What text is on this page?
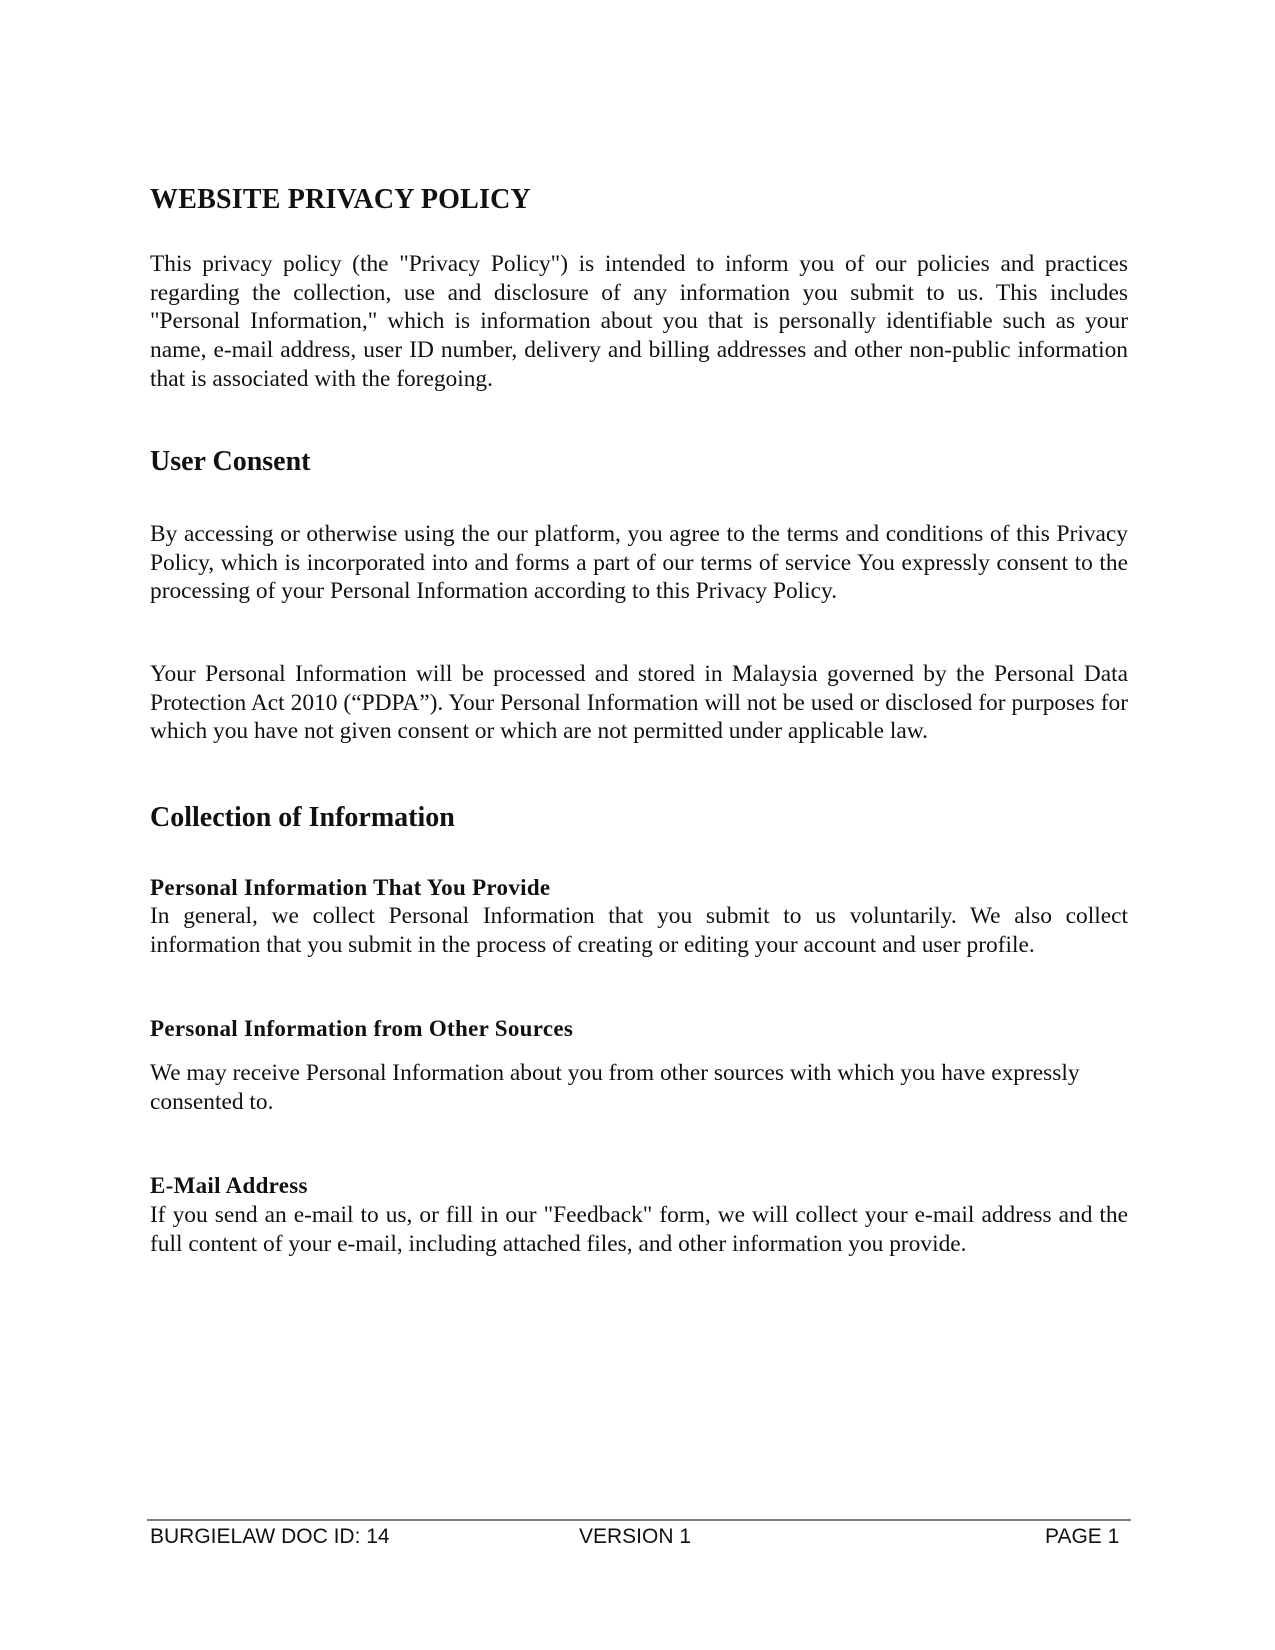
WEBSITE PRIVACY POLICY

This privacy policy (the "Privacy Policy") is intended to inform you of our policies and practices regarding the collection, use and disclosure of any information you submit to us. This includes "Personal Information," which is information about you that is personally identifiable such as your name, e-mail address, user ID number, delivery and billing addresses and other non-public information that is associated with the foregoing.

User Consent

By accessing or otherwise using the our platform, you agree to the terms and conditions of this Privacy Policy, which is incorporated into and forms a part of our terms of service You expressly consent to the processing of your Personal Information according to this Privacy Policy.

Your Personal Information will be processed and stored in Malaysia governed by the Personal Data Protection Act 2010 (“PDPA”). Your Personal Information will not be used or disclosed for purposes for which you have not given consent or which are not permitted under applicable law.

Collection of Information
Personal Information That You Provide

In general, we collect Personal Information that you submit to us voluntarily. We also collect information that you submit in the process of creating or editing your account and user profile.

Personal Information from Other Sources

We may receive Personal Information about you from other sources with which you have expressly consented to.

E-Mail Address

If you send an e-mail to us, or fill in our "Feedback" form, we will collect your e-mail address and the full content of your e-mail, including attached files, and other information you provide.

BURGIELAW DOC ID: 14	VERSION 1	PAGE 1
